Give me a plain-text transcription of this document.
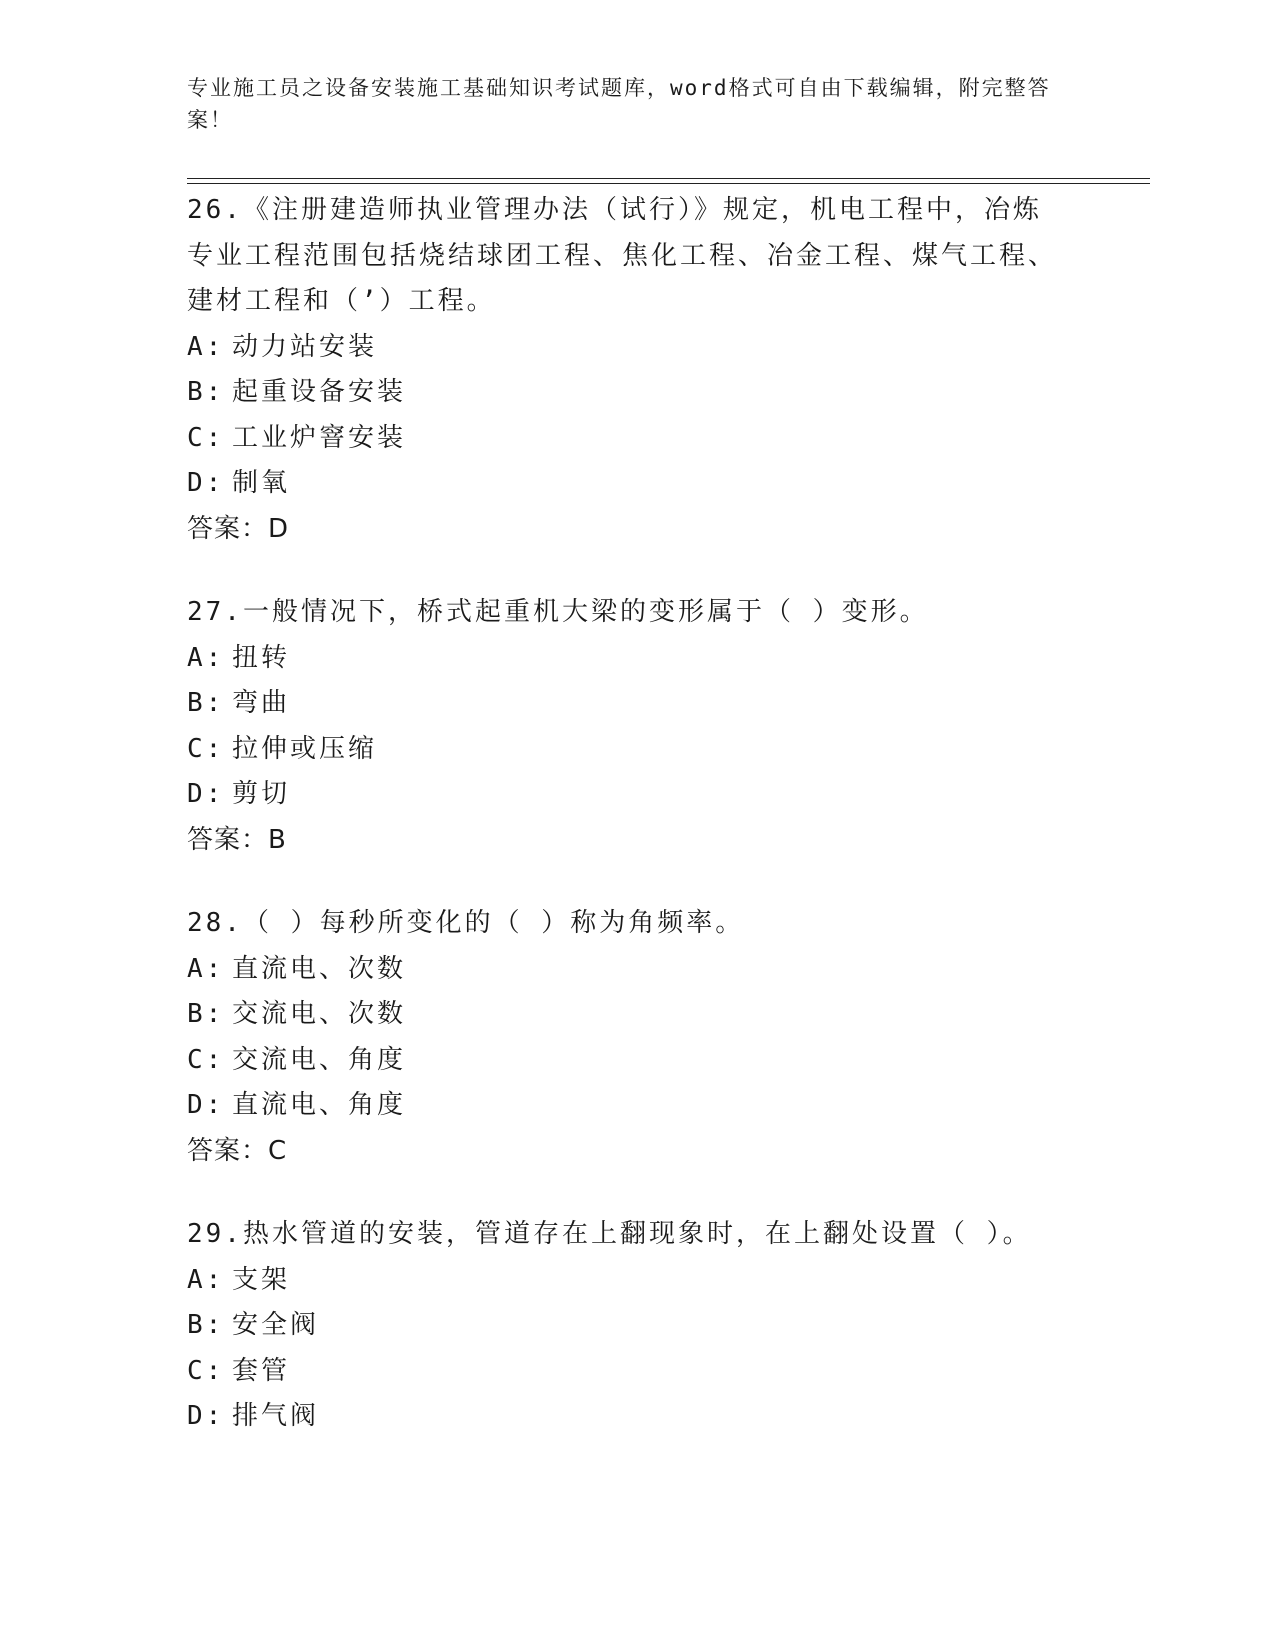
专业施工员之设备安装施工基础知识考试题库，word格式可自由下载编辑，附完整答案！
26.《注册建造师执业管理办法（试行）》规定，机电工程中，冶炼专业工程范围包括烧结球团工程、焦化工程、冶金工程、煤气工程、建材工程和（’）工程。
A: 动力站安装
B: 起重设备安装
C: 工业炉窨安装
D: 制氧
答案：D
27.一般情况下，桥式起重机大梁的变形属于（ ）变形。
A: 扭转
B: 弯曲
C: 拉伸或压缩
D: 剪切
答案：B
28.（ ）每秒所变化的（ ）称为角频率。
A: 直流电、次数
B: 交流电、次数
C: 交流电、角度
D: 直流电、角度
答案：C
29.热水管道的安装，管道存在上翻现象时，在上翻处设置（ ）。
A: 支架
B: 安全阀
C: 套管
D: 排气阀
